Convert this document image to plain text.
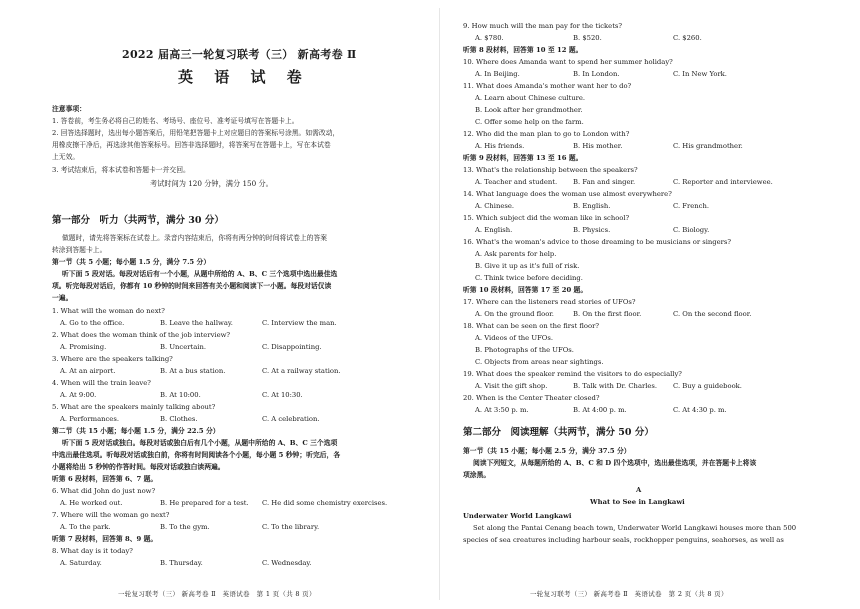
2022 届高三一轮复习联考（三） 新高考卷 Ⅱ
英 语 试 卷
注意事项：
1. 答卷前，考生务必将自己的姓名、考场号、座位号、准考证号填写在答题卡上。
2. 回答选择题时，选出每小题答案后，用铅笔把答题卡上对应题目的答案标号涂黑。如需改动，
用橡皮擦干净后，再选涂其他答案标号。回答非选择题时，将答案写在答题卡上，写在本试卷
上无效。
3. 考试结束后，将本试卷和答题卡一并交回。
考试时间为 120 分钟，满分 150 分。
第一部分　听力（共两节，满分 30 分）
做题时，请先将答案标在试卷上。录音内容结束后，你将有两分钟的时间将试卷上的答案
转涂到答题卡上。
第一节（共 5 小题；每小题 1.5 分，满分 7.5 分）
听下面 5 段对话。每段对话后有一个小题，从题中所给的 A、B、C 三个选项中选出最佳选
项。听完每段对话后，你都有 10 秒钟的时间来回答有关小题和阅读下一小题。每段对话仅读
一遍。
1. What will the woman do next?
A. Go to the office.	B. Leave the hallway.	C. Interview the man.
2. What does the woman think of the job interview?
A. Promising.	B. Uncertain.	C. Disappointing.
3. Where are the speakers talking?
A. At an airport.	B. At a bus station.	C. At a railway station.
4. When will the train leave?
A. At 9:00.	B. At 10:00.	C. At 10:30.
5. What are the speakers mainly talking about?
A. Performances.	B. Clothes.	C. A celebration.
第二节（共 15 小题；每小题 1.5 分，满分 22.5 分）
听下面 5 段对话或独白。每段对话或独白后有几个小题，从题中所给的 A、B、C 三个选项
中选出最佳选项。听每段对话或独白前，你将有时间阅读各个小题，每小题 5 秒钟；听完后，各
小题将给出 5 秒钟的作答时间。每段对话或独白读两遍。
听第 6 段材料，回答第 6、7 题。
6. What did John do just now?
A. He worked out.	B. He prepared for a test. C. He did some chemistry exercises.
7. Where will the woman go next?
A. To the park.	B. To the gym.	C. To the library.
听第 7 段材料，回答第 8、9 题。
8. What day is it today?
A. Saturday.	B. Thursday.	C. Wednesday.
一轮复习联考（三） 新高考卷 Ⅱ　英语试卷　第 1 页（共 8 页）
9. How much will the man pay for the tickets?
A. $780.	B. $520.	C. $260.
听第 8 段材料，回答第 10 至 12 题。
10. Where does Amanda want to spend her summer holiday?
A. In Beijing.	B. In London.	C. In New York.
11. What does Amanda's mother want her to do?
A. Learn about Chinese culture.
B. Look after her grandmother.
C. Offer some help on the farm.
12. Who did the man plan to go to London with?
A. His friends.	B. His mother.	C. His grandmother.
听第 9 段材料，回答第 13 至 16 题。
13. What's the relationship between the speakers?
A. Teacher and student. B. Fan and singer.	C. Reporter and interviewee.
14. What language does the woman use almost everywhere?
A. Chinese.	B. English.	C. French.
15. Which subject did the woman like in school?
A. English.	B. Physics.	C. Biology.
16. What's the woman's advice to those dreaming to be musicians or singers?
A. Ask parents for help.
B. Give it up as it's full of risk.
C. Think twice before deciding.
听第 10 段材料，回答第 17 至 20 题。
17. Where can the listeners read stories of UFOs?
A. On the ground floor.	B. On the first floor.	C. On the second floor.
18. What can be seen on the first floor?
A. Videos of the UFOs.
B. Photographs of the UFOs.
C. Objects from areas near sightings.
19. What does the speaker remind the visitors to do especially?
A. Visit the gift shop.	B. Talk with Dr. Charles. C. Buy a guidebook.
20. When is the Center Theater closed?
A. At 3:50 p. m.	B. At 4:00 p. m.	C. At 4:30 p. m.
第二部分　阅读理解（共两节，满分 50 分）
第一节（共 15 小题；每小题 2.5 分，满分 37.5 分）
阅读下列短文，从每题所给的 A、B、C 和 D 四个选项中，选出最佳选项，并在答题卡上将该
项涂黑。
A
What to See in Langkawi
Underwater World Langkawi
Set along the Pantai Cenang beach town, Underwater World Langkawi houses more than 500
species of sea creatures including harbour seals, rockhopper penguins, seahorses, as well as
一轮复习联考（三） 新高考卷 Ⅱ　英语试卷　第 2 页（共 8 页）
